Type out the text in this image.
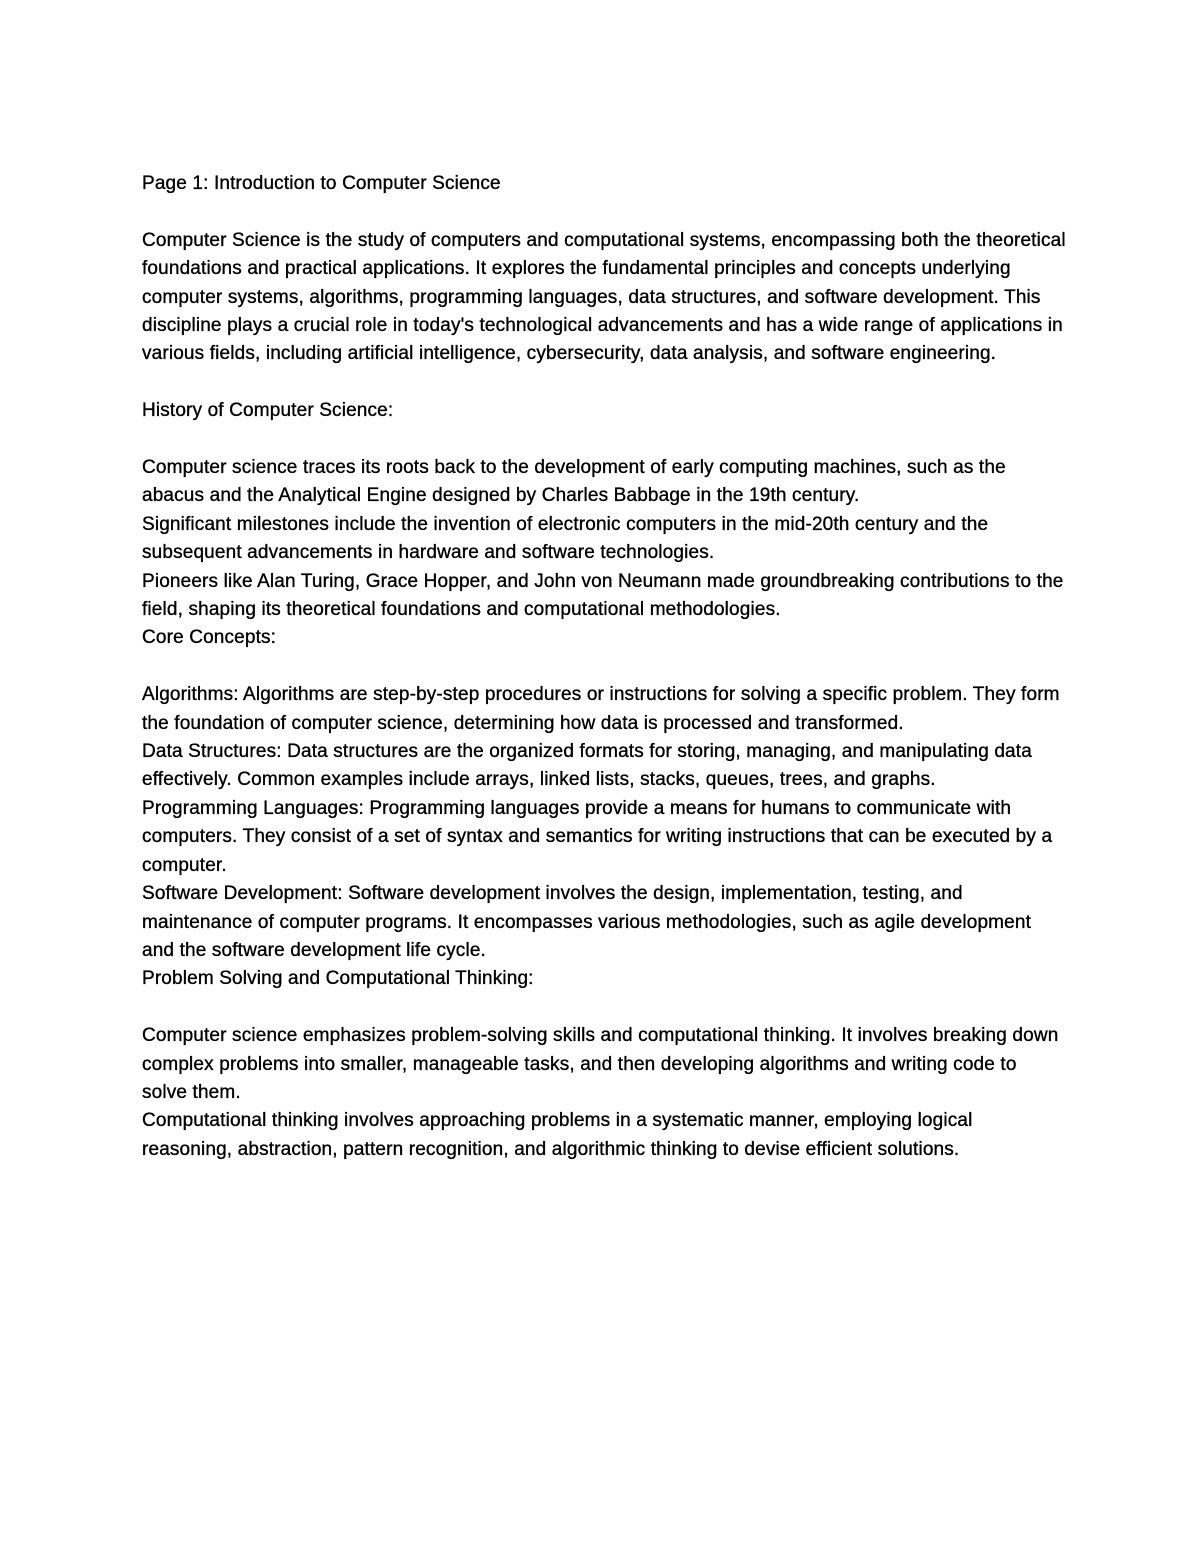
Page 1: Introduction to Computer Science

Computer Science is the study of computers and computational systems, encompassing both the theoretical foundations and practical applications. It explores the fundamental principles and concepts underlying computer systems, algorithms, programming languages, data structures, and software development. This discipline plays a crucial role in today's technological advancements and has a wide range of applications in various fields, including artificial intelligence, cybersecurity, data analysis, and software engineering.

History of Computer Science:

Computer science traces its roots back to the development of early computing machines, such as the abacus and the Analytical Engine designed by Charles Babbage in the 19th century.

Significant milestones include the invention of electronic computers in the mid-20th century and the subsequent advancements in hardware and software technologies.

Pioneers like Alan Turing, Grace Hopper, and John von Neumann made groundbreaking contributions to the field, shaping its theoretical foundations and computational methodologies.

Core Concepts:

Algorithms: Algorithms are step-by-step procedures or instructions for solving a specific problem. They form the foundation of computer science, determining how data is processed and transformed.

Data Structures: Data structures are the organized formats for storing, managing, and manipulating data effectively. Common examples include arrays, linked lists, stacks, queues, trees, and graphs.

Programming Languages: Programming languages provide a means for humans to communicate with computers. They consist of a set of syntax and semantics for writing instructions that can be executed by a computer.

Software Development: Software development involves the design, implementation, testing, and maintenance of computer programs. It encompasses various methodologies, such as agile development and the software development life cycle.

Problem Solving and Computational Thinking:

Computer science emphasizes problem-solving skills and computational thinking. It involves breaking down complex problems into smaller, manageable tasks, and then developing algorithms and writing code to solve them.

Computational thinking involves approaching problems in a systematic manner, employing logical reasoning, abstraction, pattern recognition, and algorithmic thinking to devise efficient solutions.
